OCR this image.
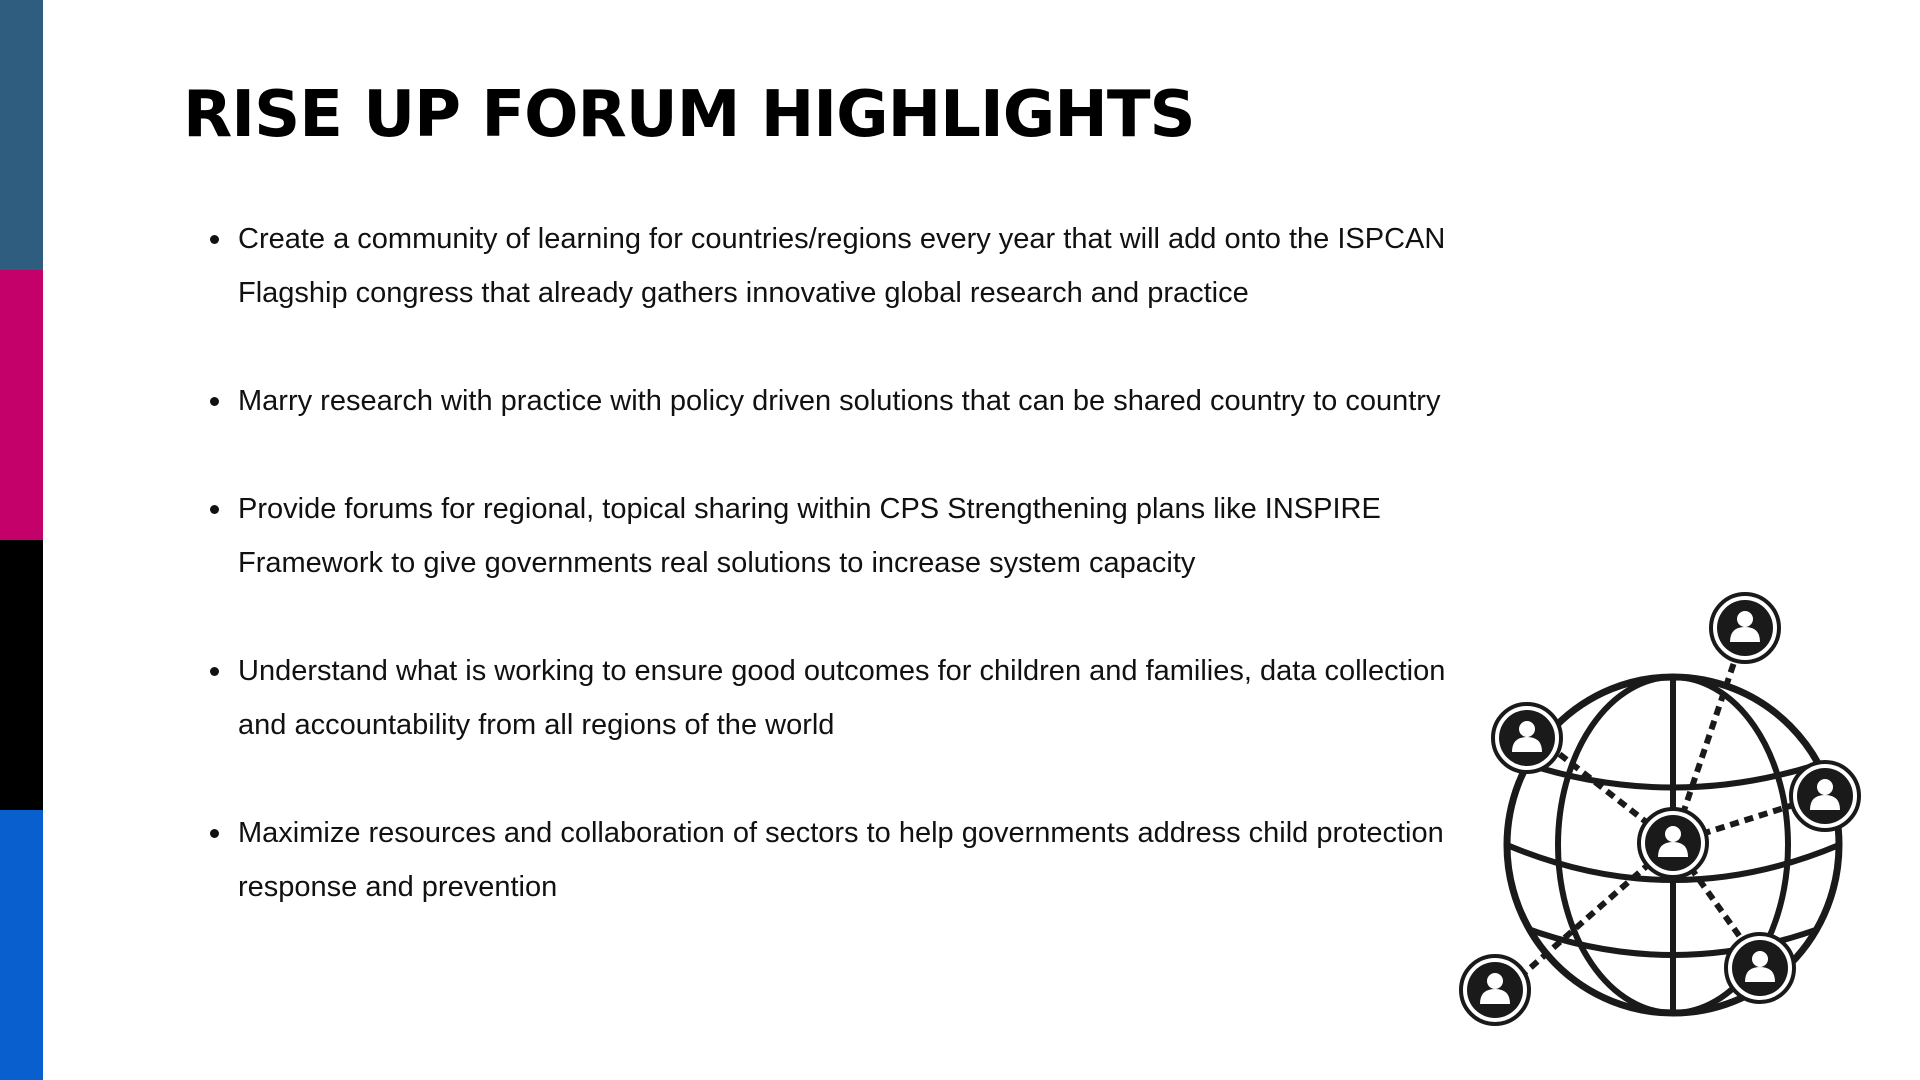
RISE UP FORUM HIGHLIGHTS
Create a community of learning for countries/regions every year that will add onto the ISPCAN Flagship congress that already gathers innovative global research and practice
Marry research with practice with policy driven solutions that can be shared country to country
Provide forums for regional, topical sharing within CPS Strengthening plans like INSPIRE Framework to give governments real solutions to increase system capacity
Understand what is working to ensure good outcomes for children and families, data collection and accountability from all regions of the world
Maximize resources and collaboration of sectors to help governments address child protection response and prevention
